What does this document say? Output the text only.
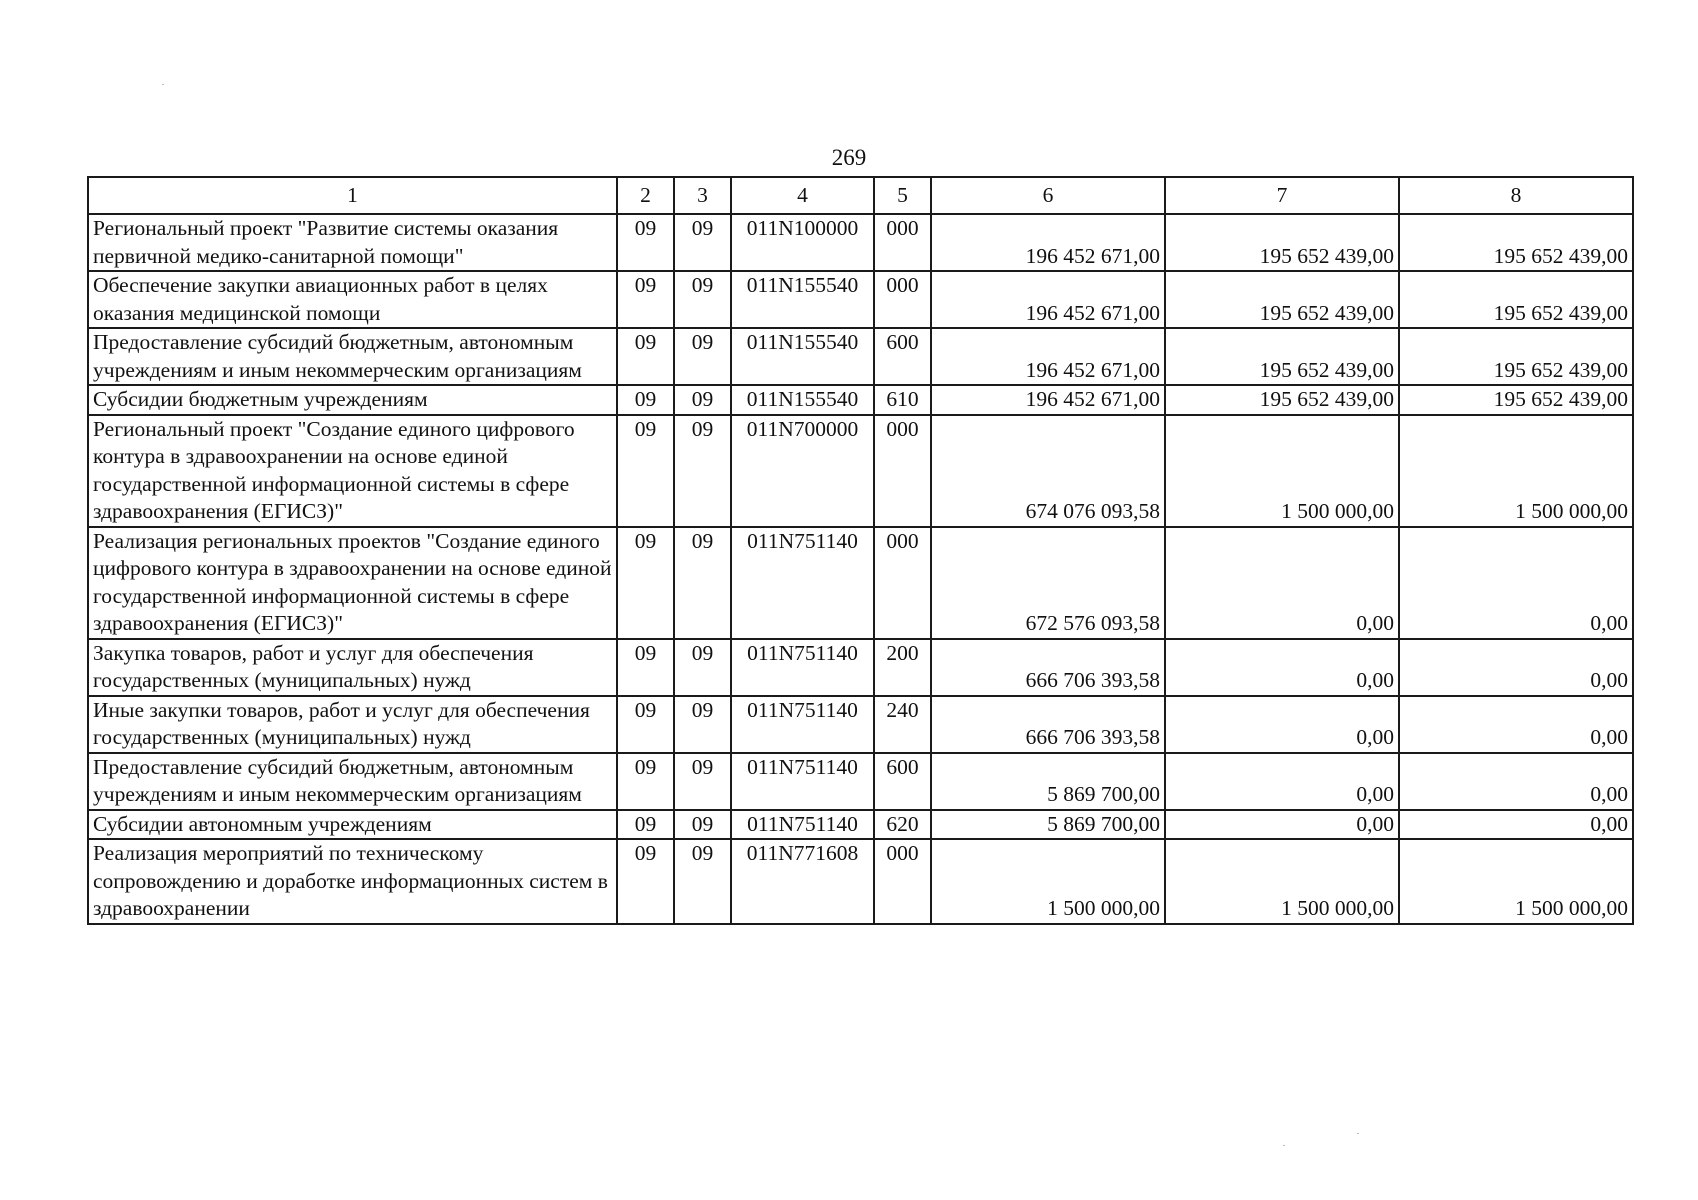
269
1	2	3	4	5	6	7	8
Региональный проект "Развитие системы оказания первичной медико-санитарной помощи"	09	09	011N100000	000	196 452 671,00	195 652 439,00	195 652 439,00
Обеспечение закупки авиационных работ в целях оказания медицинской помощи	09	09	011N155540	000	196 452 671,00	195 652 439,00	195 652 439,00
Предоставление субсидий бюджетным, автономным учреждениям и иным некоммерческим организациям	09	09	011N155540	600	196 452 671,00	195 652 439,00	195 652 439,00
Субсидии бюджетным учреждениям	09	09	011N155540	610	196 452 671,00	195 652 439,00	195 652 439,00
Региональный проект "Создание единого цифрового контура в здравоохранении на основе единой государственной информационной системы в сфере здравоохранения (ЕГИСЗ)"	09	09	011N700000	000	674 076 093,58	1 500 000,00	1 500 000,00
Реализация региональных проектов "Создание единого цифрового контура в здравоохранении на основе единой государственной информационной системы в сфере здравоохранения (ЕГИСЗ)"	09	09	011N751140	000	672 576 093,58	0,00	0,00
Закупка товаров, работ и услуг для обеспечения государственных (муниципальных) нужд	09	09	011N751140	200	666 706 393,58	0,00	0,00
Иные закупки товаров, работ и услуг для обеспечения государственных (муниципальных) нужд	09	09	011N751140	240	666 706 393,58	0,00	0,00
Предоставление субсидий бюджетным, автономным учреждениям и иным некоммерческим организациям	09	09	011N751140	600	5 869 700,00	0,00	0,00
Субсидии автономным учреждениям	09	09	011N751140	620	5 869 700,00	0,00	0,00
Реализация мероприятий по техническому сопровождению и доработке информационных систем в здравоохранении	09	09	011N771608	000	1 500 000,00	1 500 000,00	1 500 000,00
